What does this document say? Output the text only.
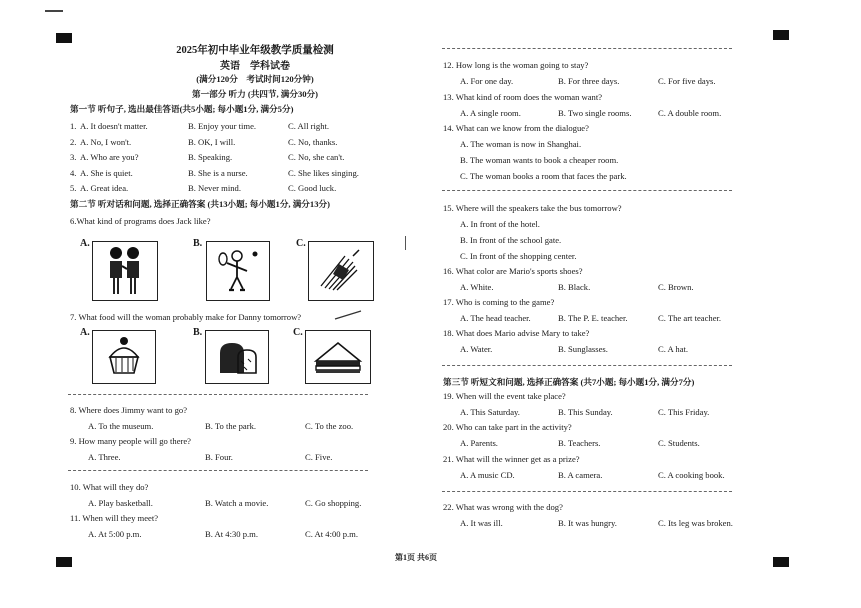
2025年初中毕业年级教学质量检测
英语　学科试卷
(满分120分　考试时间120分钟)
第一部分 听力 (共四节, 满分30分)
第一节 听句子, 选出最佳答语(共5小题; 每小题1分, 满分5分)
1. A. It doesn't matter.	B. Enjoy your time.	C. All right.
2. A. No, I won't.	B. OK, I will.	C. No, thanks.
3. A. Who are you?	B. Speaking.	C. No, she can't.
4. A. She is quiet.	B. She is a nurse.	C. She likes singing.
5. A. Great idea.	B. Never mind.	C. Good luck.
第二节 听对话和问题, 选择正确答案 (共13小题; 每小题1分, 满分13分)
6.What kind of programs does Jack like?
A.	B.	C.
7. What food will the woman probably make for Danny tomorrow?
A.	B.	C.
8. Where does Jimmy want to go?
A. To the museum.	B. To the park.	C. To the zoo.
9. How many people will go there?
A. Three.	B. Four.	C. Five.
10. What will they do?
A. Play basketball.	B. Watch a movie.	C. Go shopping.
11. When will they meet?
A. At 5:00 p.m.	B. At 4:30 p.m.	C. At 4:00 p.m.
12. How long is the woman going to stay?
A. For one day.	B. For three days.	C. For five days.
13. What kind of room does the woman want?
A. A single room.	B. Two single rooms.	C. A double room.
14. What can we know from the dialogue?
A. The woman is now in Shanghai.
B. The woman wants to book a cheaper room.
C. The woman books a room that faces the park.
15. Where will the speakers take the bus tomorrow?
A. In front of the hotel.
B. In front of the school gate.
C. In front of the shopping center.
16. What color are Mario's sports shoes?
A. White.	B. Black.	C. Brown.
17. Who is coming to the game?
A. The head teacher.	B. The P. E. teacher.	C. The art teacher.
18. What does Mario advise Mary to take?
A. Water.	B. Sunglasses.	C. A hat.
19. When will the event take place?
A. This Saturday.	B. This Sunday.	C. This Friday.
20. Who can take part in the activity?
A. Parents.	B. Teachers.	C. Students.
21. What will the winner get as a prize?
A. A music CD.	B. A camera.	C. A cooking book.
22. What was wrong with the dog?
A. It was ill.	B. It was hungry.	C. Its leg was broken.
第三节 听短文和问题, 选择正确答案 (共7小题; 每小题1分, 满分7分)
第1页 共6页
